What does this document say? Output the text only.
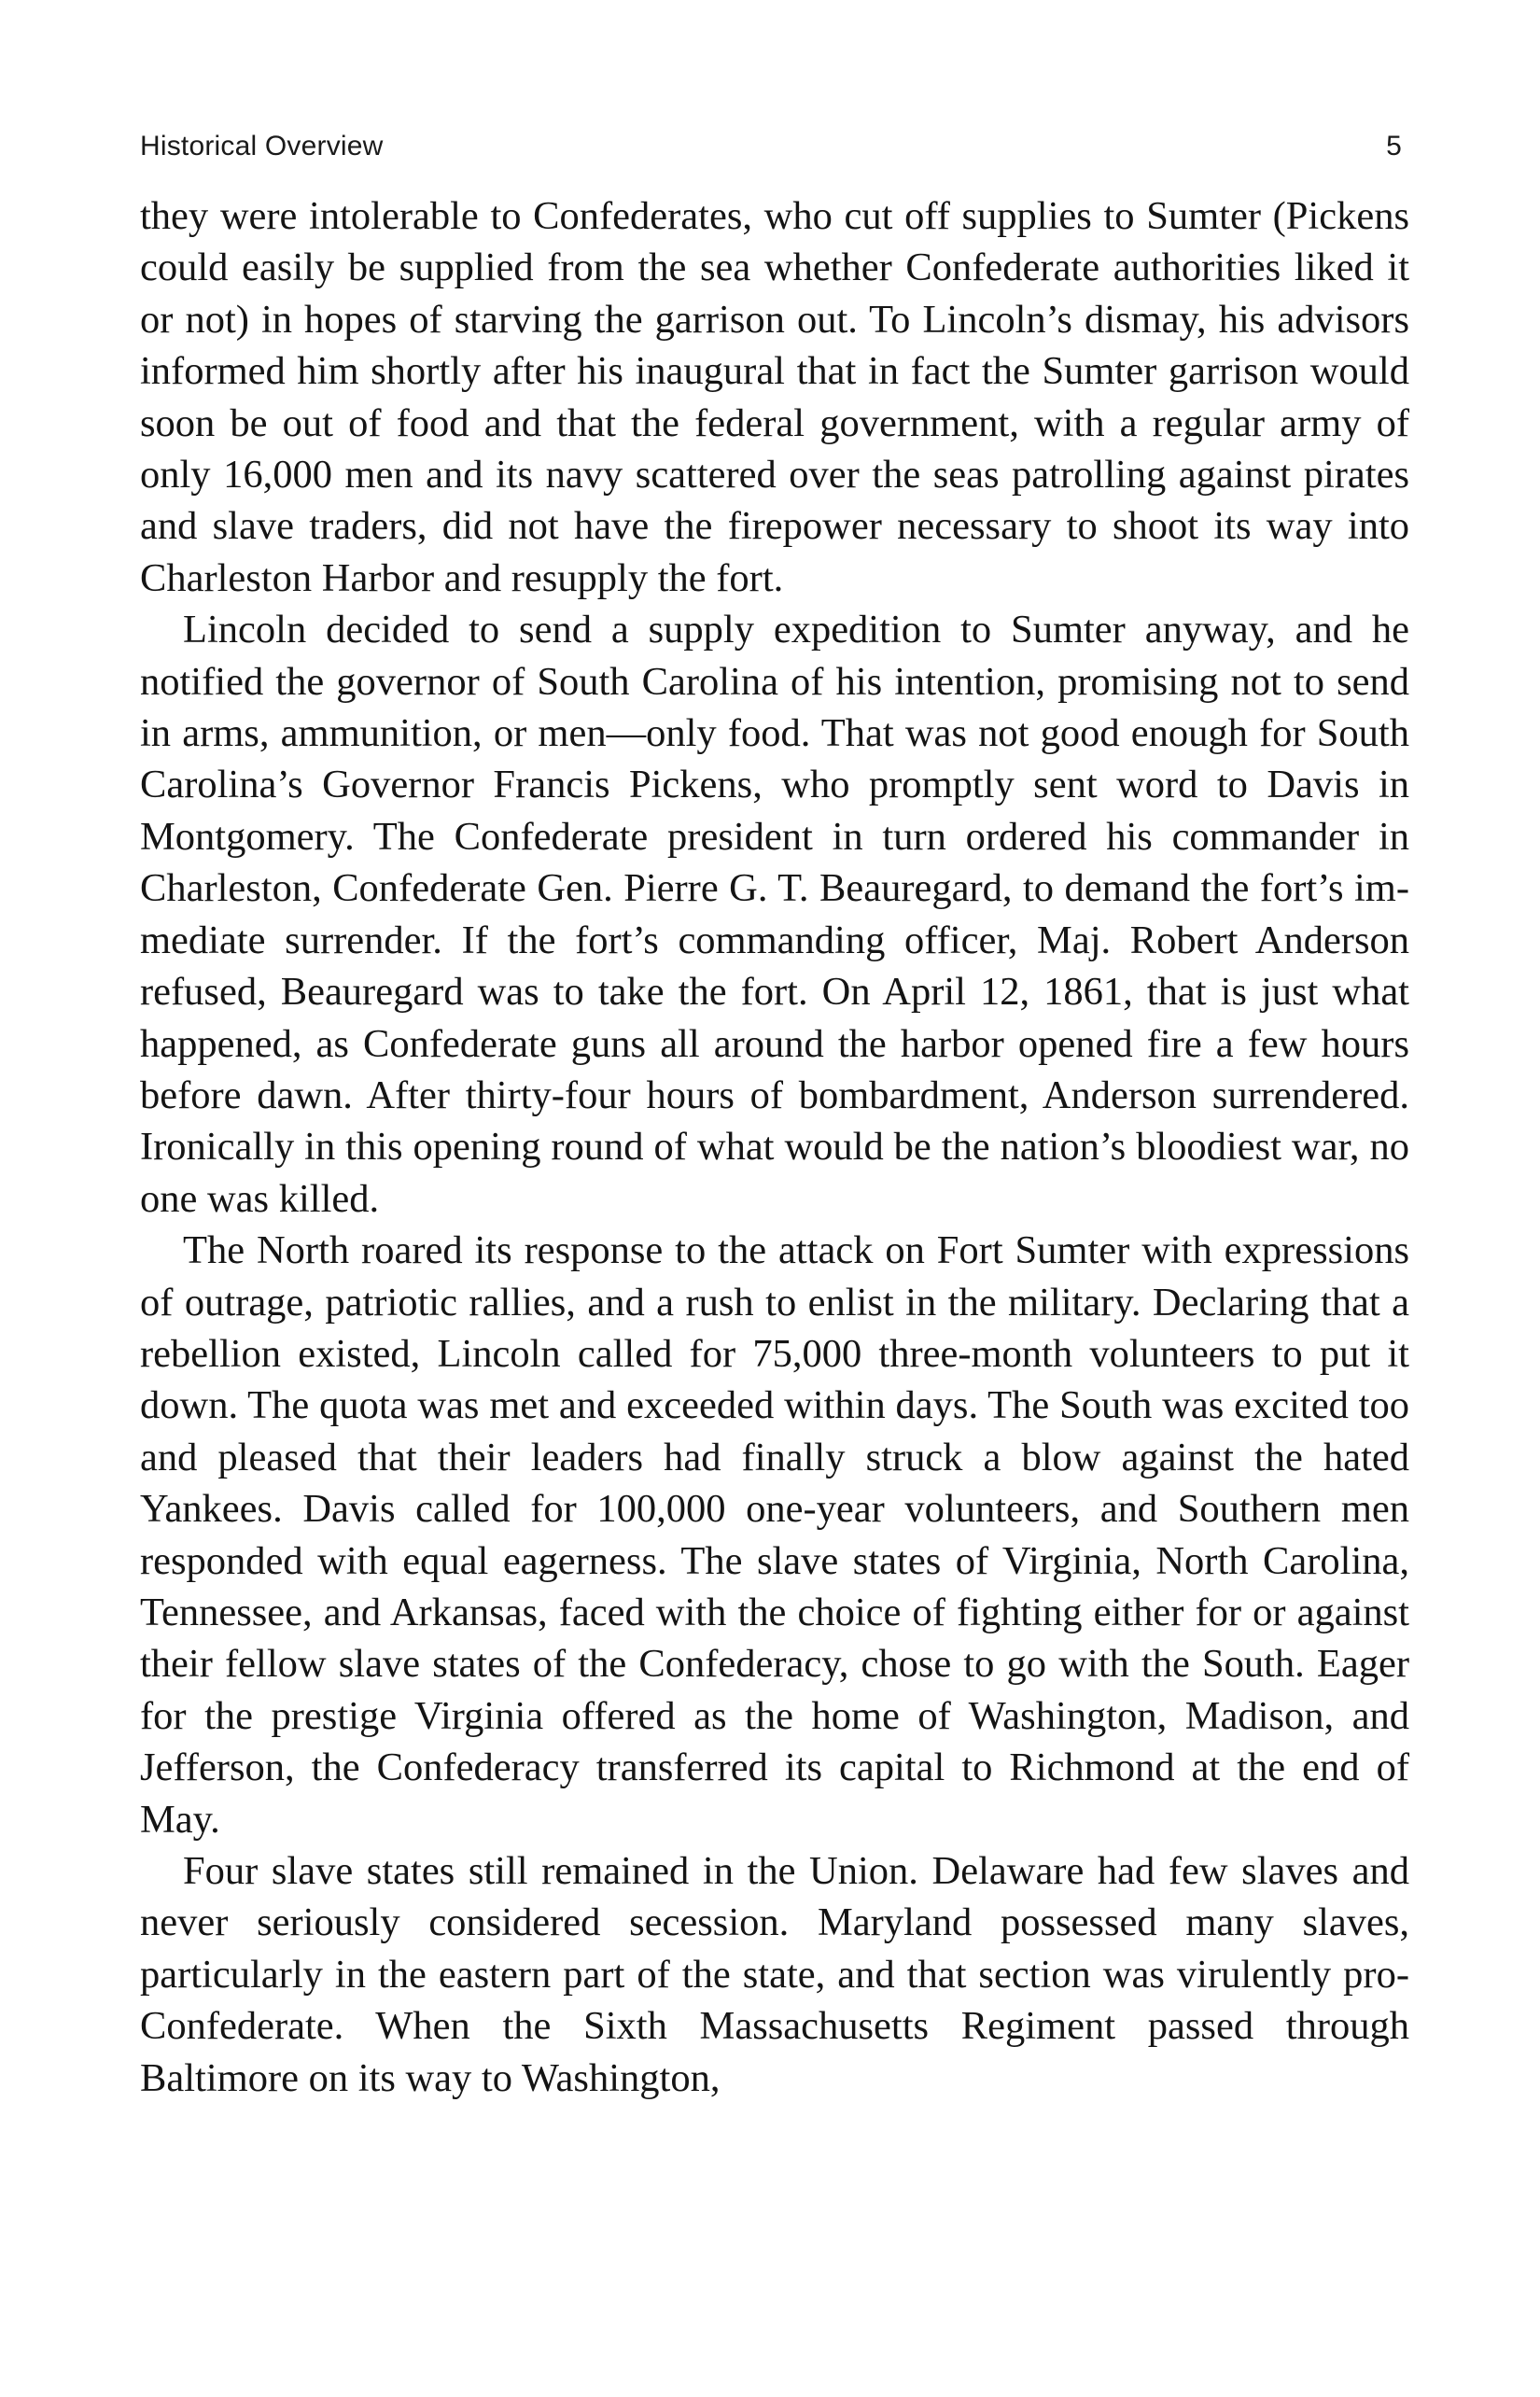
Historical Overview	5

they were intolerable to Confederates, who cut off supplies to Sumter (Pickens could easily be supplied from the sea whether Confederate authorities liked it or not) in hopes of starving the garrison out. To Lincoln’s dismay, his advisors informed him shortly after his inaugural that in fact the Sumter garrison would soon be out of food and that the federal government, with a regular army of only 16,000 men and its navy scattered over the seas patrolling against pirates and slave traders, did not have the firepower necessary to shoot its way into Charleston Harbor and resupply the fort.

Lincoln decided to send a supply expedition to Sumter anyway, and he notified the governor of South Carolina of his intention, promising not to send in arms, ammunition, or men—only food. That was not good enough for South Carolina’s Governor Francis Pickens, who promptly sent word to Davis in Montgomery. The Confederate president in turn ordered his commander in Charleston, Confederate Gen. Pierre G. T. Beauregard, to demand the fort’s immediate surrender. If the fort’s commanding officer, Maj. Robert Anderson refused, Beauregard was to take the fort. On April 12, 1861, that is just what happened, as Confederate guns all around the harbor opened fire a few hours before dawn. After thirty-four hours of bombardment, Anderson surrendered. Ironically in this opening round of what would be the nation’s bloodiest war, no one was killed.

The North roared its response to the attack on Fort Sumter with expressions of outrage, patriotic rallies, and a rush to enlist in the military. Declaring that a rebellion existed, Lincoln called for 75,000 three-month volunteers to put it down. The quota was met and exceeded within days. The South was excited too and pleased that their leaders had finally struck a blow against the hated Yankees. Davis called for 100,000 one-year volunteers, and Southern men responded with equal eagerness. The slave states of Virginia, North Carolina, Tennessee, and Arkansas, faced with the choice of fighting either for or against their fellow slave states of the Confederacy, chose to go with the South. Eager for the prestige Virginia offered as the home of Washington, Madison, and Jefferson, the Confederacy transferred its capital to Richmond at the end of May.

Four slave states still remained in the Union. Delaware had few slaves and never seriously considered secession. Maryland possessed many slaves, particularly in the eastern part of the state, and that section was virulently pro-Confederate. When the Sixth Massachusetts Regiment passed through Baltimore on its way to Washington,
